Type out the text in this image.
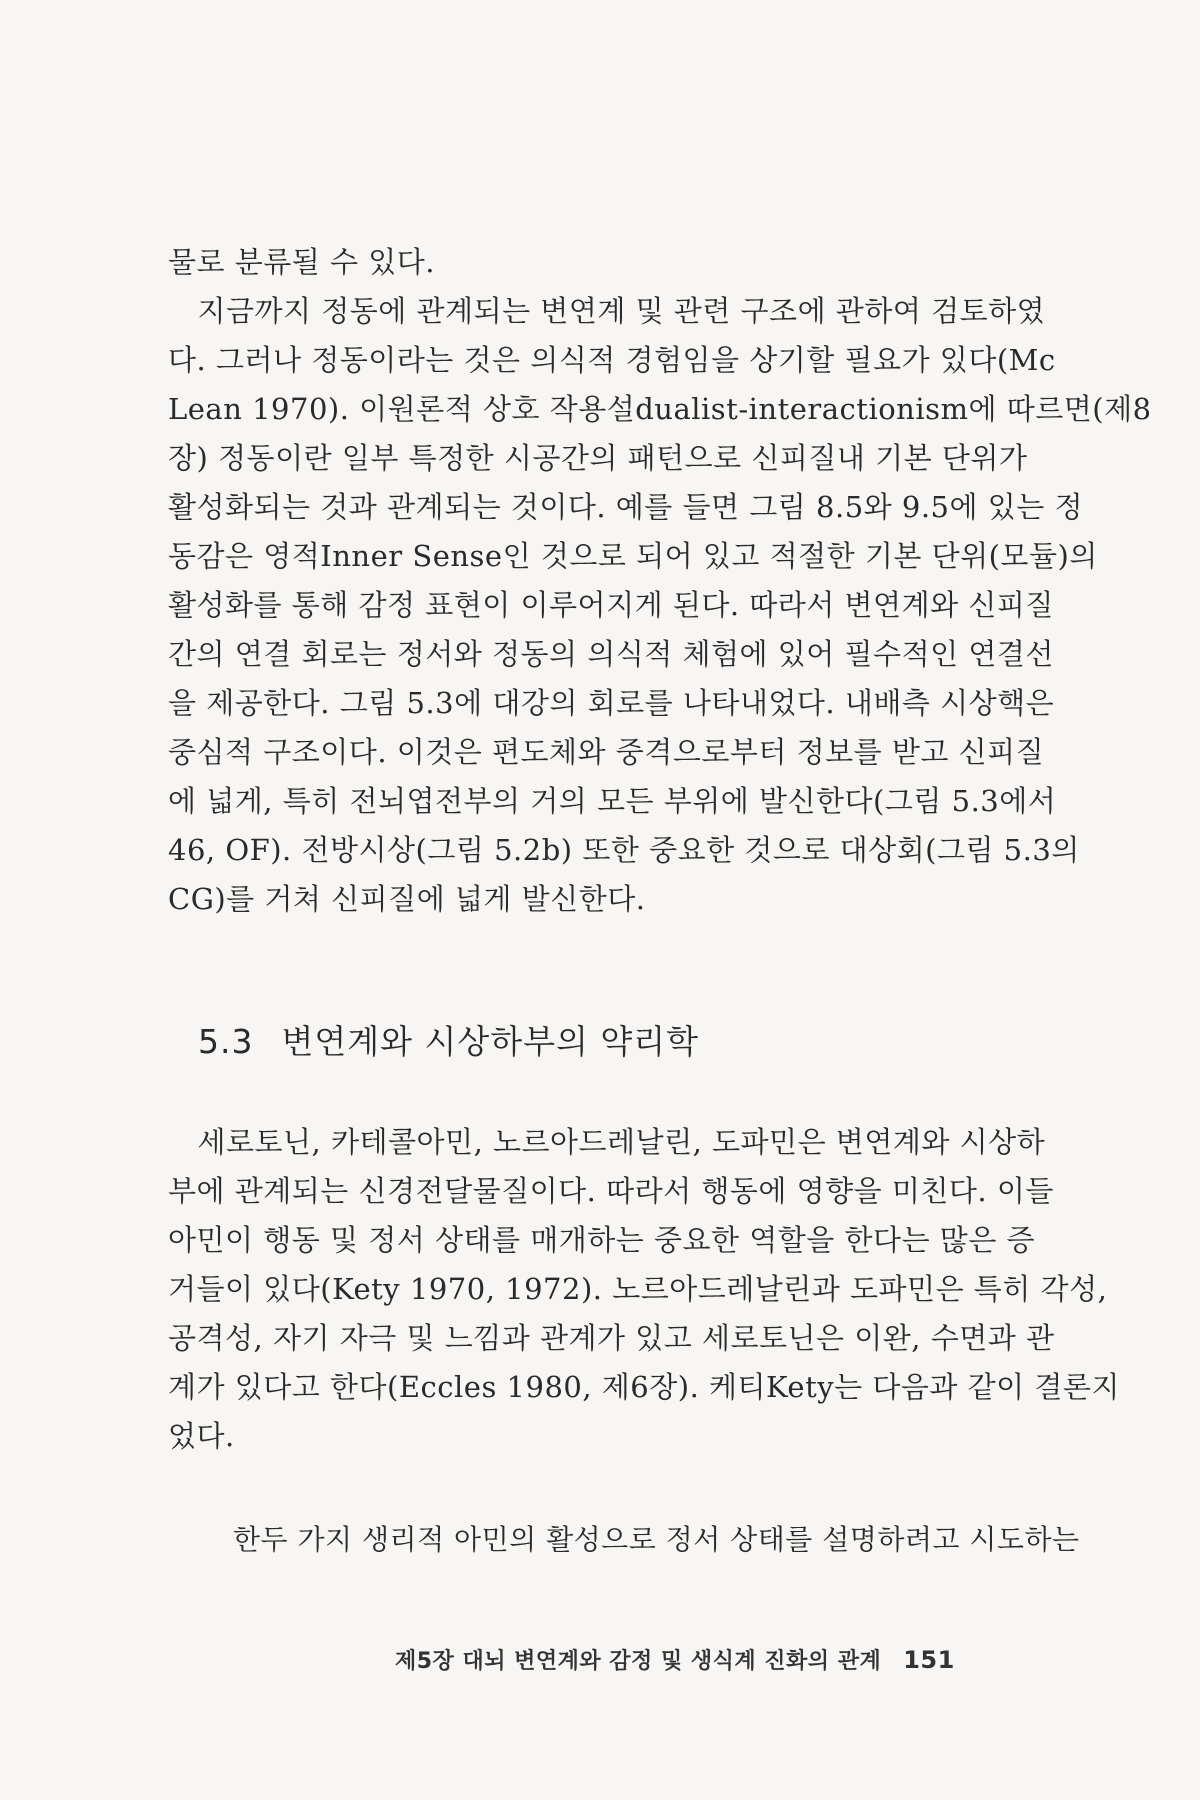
물로 분류될 수 있다.
　지금까지 정동에 관계되는 변연계 및 관련 구조에 관하여 검토하였
다. 그러나 정동이라는 것은 의식적 경험임을 상기할 필요가 있다(Mc
Lean 1970). 이원론적 상호 작용설dualist-interactionism에 따르면(제8
장) 정동이란 일부 특정한 시공간의 패턴으로 신피질내 기본 단위가
활성화되는 것과 관계되는 것이다. 예를 들면 그림 8.5와 9.5에 있는 정
동감은 영적Inner Sense인 것으로 되어 있고 적절한 기본 단위(모듈)의
활성화를 통해 감정 표현이 이루어지게 된다. 따라서 변연계와 신피질
간의 연결 회로는 정서와 정동의 의식적 체험에 있어 필수적인 연결선
을 제공한다. 그림 5.3에 대강의 회로를 나타내었다. 내배측 시상핵은
중심적 구조이다. 이것은 편도체와 중격으로부터 정보를 받고 신피질
에 넓게, 특히 전뇌엽전부의 거의 모든 부위에 발신한다(그림 5.3에서
46, OF). 전방시상(그림 5.2b) 또한 중요한 것으로 대상회(그림 5.3의
CG)를 거쳐 신피질에 넓게 발신한다.
5.3 변연계와 시상하부의 약리학
　세로토닌, 카테콜아민, 노르아드레날린, 도파민은 변연계와 시상하
부에 관계되는 신경전달물질이다. 따라서 행동에 영향을 미친다. 이들
아민이 행동 및 정서 상태를 매개하는 중요한 역할을 한다는 많은 증
거들이 있다(Kety 1970, 1972). 노르아드레날린과 도파민은 특히 각성,
공격성, 자기 자극 및 느낌과 관계가 있고 세로토닌은 이완, 수면과 관
계가 있다고 한다(Eccles 1980, 제6장). 케티Kety는 다음과 같이 결론지
었다.
한두 가지 생리적 아민의 활성으로 정서 상태를 설명하려고 시도하는
제5장 대뇌 변연계와 감정 및 생식계 진화의 관계 151
